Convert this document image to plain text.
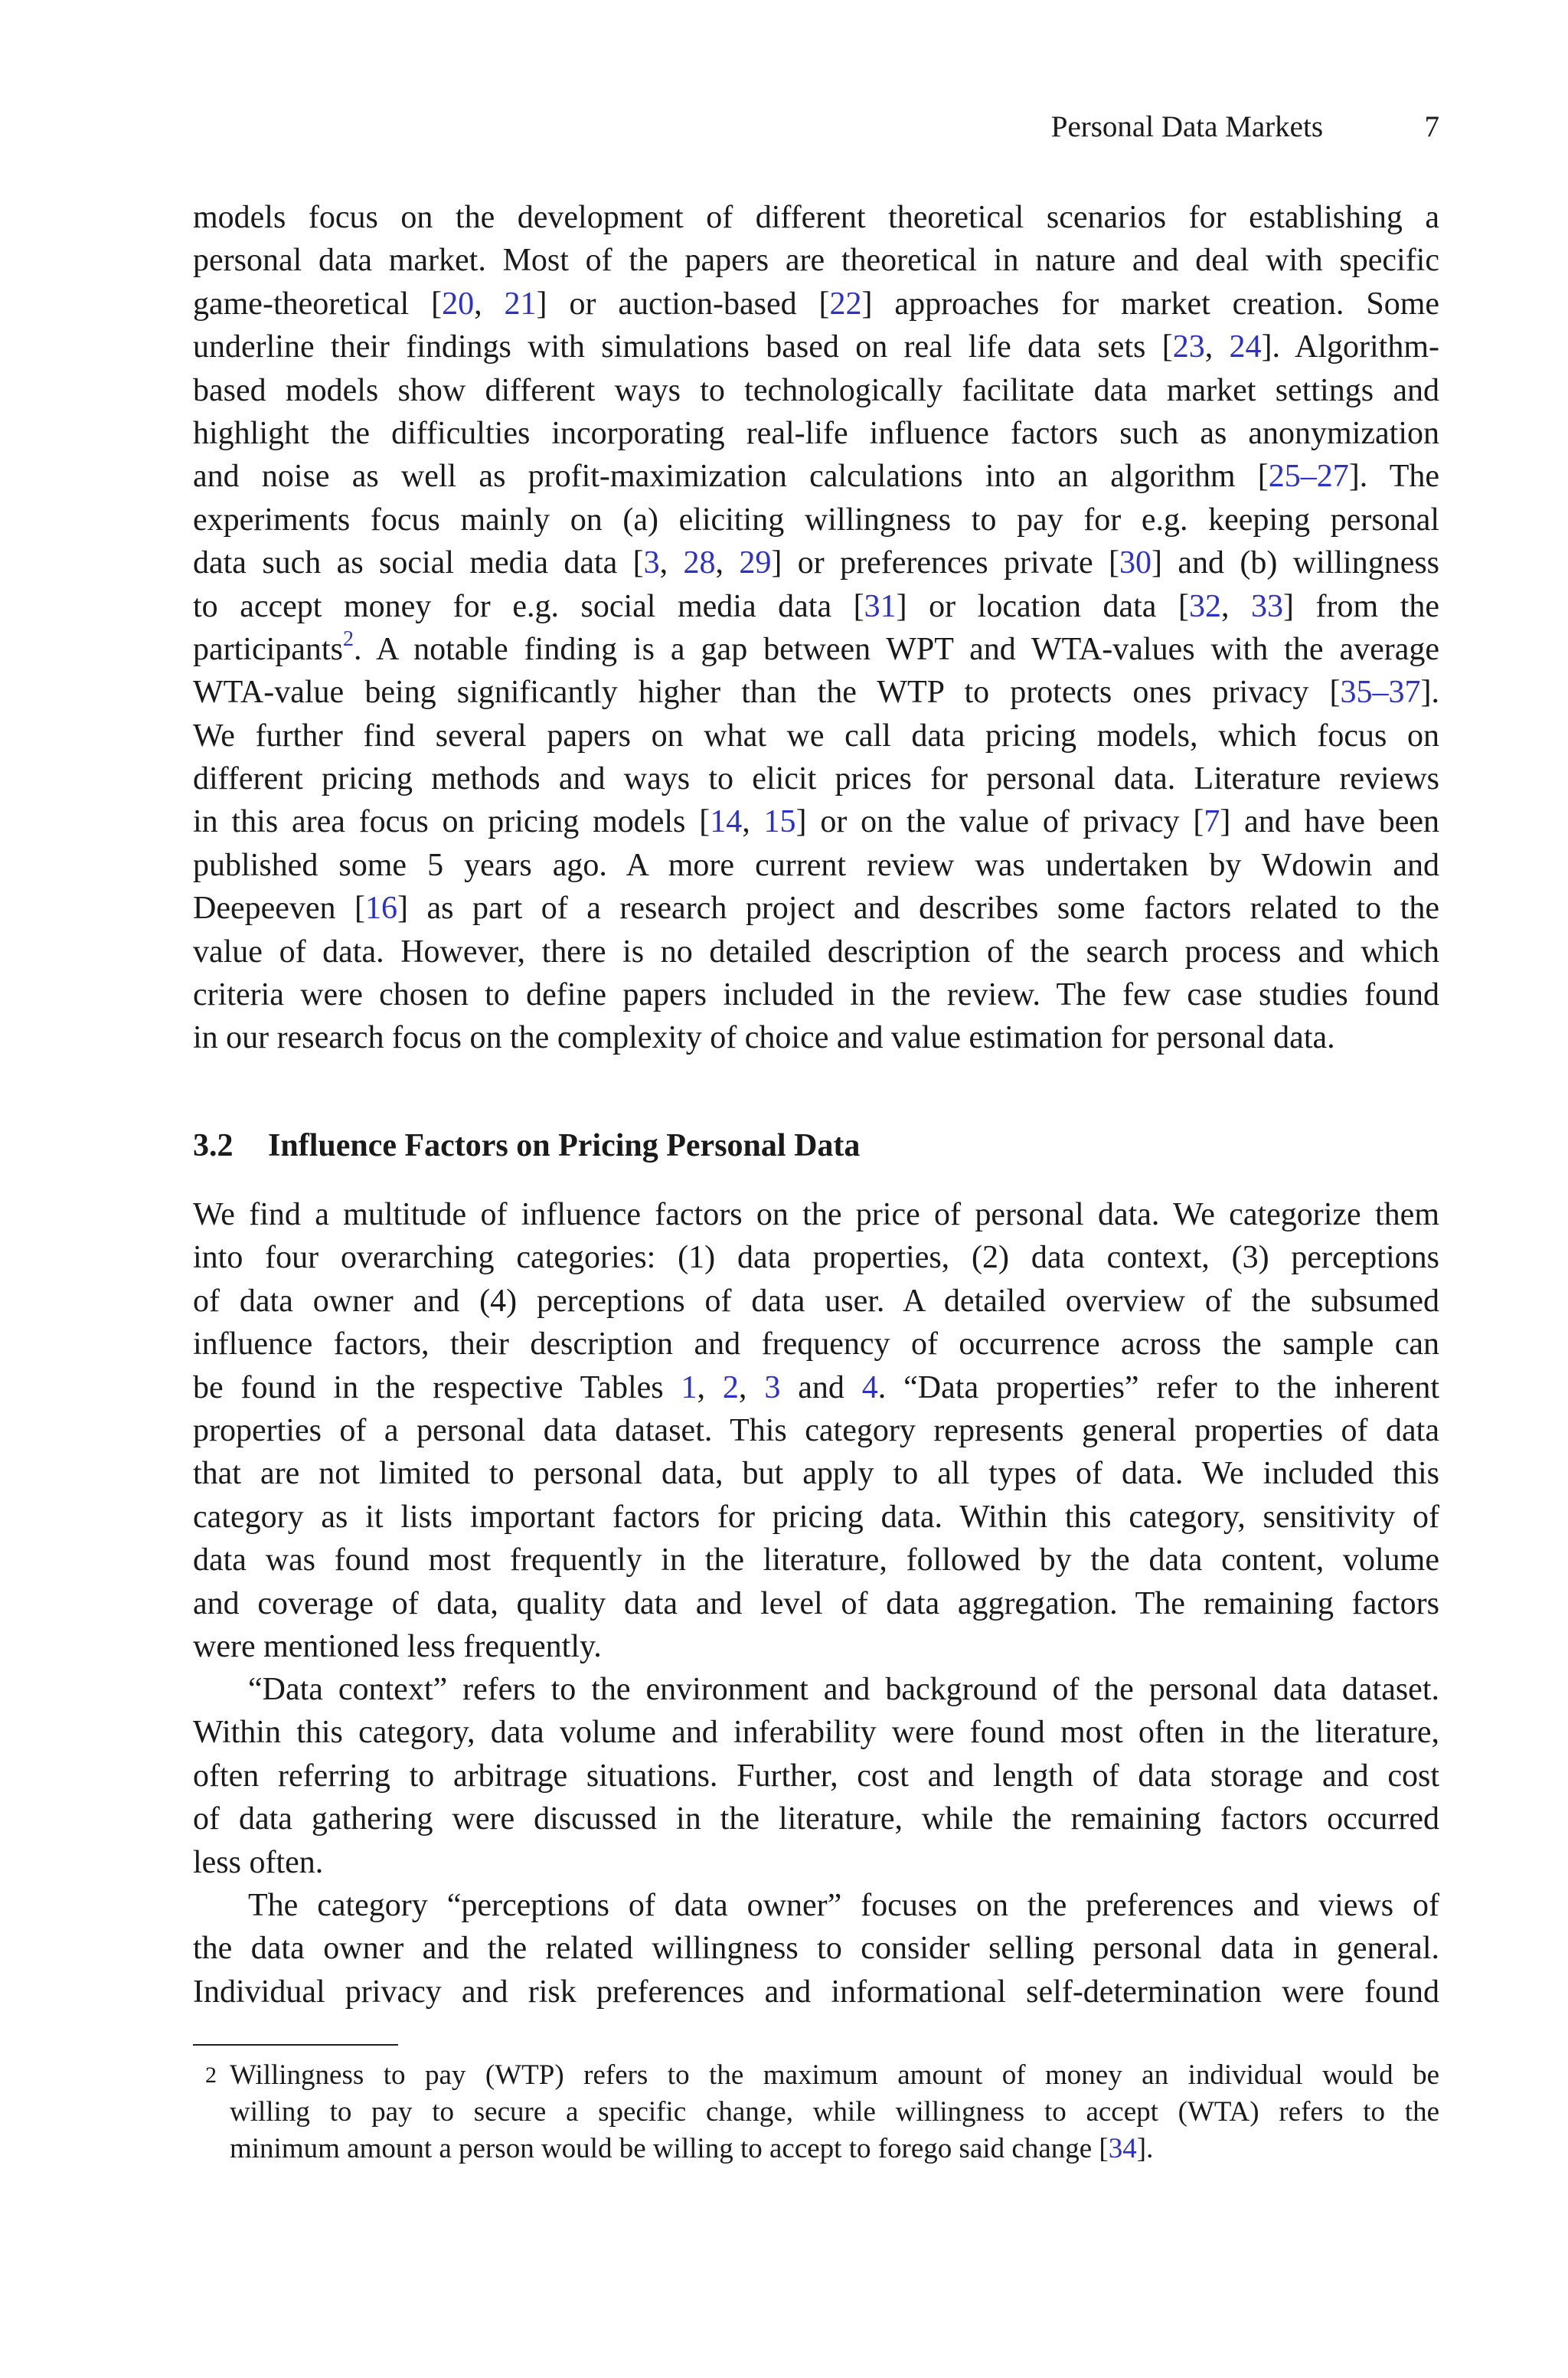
Personal Data Markets	7
models focus on the development of different theoretical scenarios for establishing a
personal data market. Most of the papers are theoretical in nature and deal with specific
game-theoretical [20, 21] or auction-based [22] approaches for market creation. Some
underline their findings with simulations based on real life data sets [23, 24]. Algorithm-
based models show different ways to technologically facilitate data market settings and
highlight the difficulties incorporating real-life influence factors such as anonymization
and noise as well as profit-maximization calculations into an algorithm [25–27]. The
experiments focus mainly on (a) eliciting willingness to pay for e.g. keeping personal
data such as social media data [3, 28, 29] or preferences private [30] and (b) willingness
to accept money for e.g. social media data [31] or location data [32, 33] from the
participants$^2$. A notable finding is a gap between WPT and WTA-values with the average
WTA-value being significantly higher than the WTP to protects ones privacy [35–37].
We further find several papers on what we call data pricing models, which focus on
different pricing methods and ways to elicit prices for personal data. Literature reviews
in this area focus on pricing models [14, 15] or on the value of privacy [7] and have been
published some 5 years ago. A more current review was undertaken by Wdowin and
Deepeeven [16] as part of a research project and describes some factors related to the
value of data. However, there is no detailed description of the search process and which
criteria were chosen to define papers included in the review. The few case studies found
in our research focus on the complexity of choice and value estimation for personal data.
3.2 Influence Factors on Pricing Personal Data
We find a multitude of influence factors on the price of personal data. We categorize them
into four overarching categories: (1) data properties, (2) data context, (3) perceptions
of data owner and (4) perceptions of data user. A detailed overview of the subsumed
influence factors, their description and frequency of occurrence across the sample can
be found in the respective Tables 1, 2, 3 and 4. “Data properties” refer to the inherent
properties of a personal data dataset. This category represents general properties of data
that are not limited to personal data, but apply to all types of data. We included this
category as it lists important factors for pricing data. Within this category, sensitivity of
data was found most frequently in the literature, followed by the data content, volume
and coverage of data, quality data and level of data aggregation. The remaining factors
were mentioned less frequently.
“Data context” refers to the environment and background of the personal data dataset.
Within this category, data volume and inferability were found most often in the literature,
often referring to arbitrage situations. Further, cost and length of data storage and cost
of data gathering were discussed in the literature, while the remaining factors occurred
less often.
The category “perceptions of data owner” focuses on the preferences and views of
the data owner and the related willingness to consider selling personal data in general.
Individual privacy and risk preferences and informational self-determination were found
2 Willingness to pay (WTP) refers to the maximum amount of money an individual would be
willing to pay to secure a specific change, while willingness to accept (WTA) refers to the
minimum amount a person would be willing to accept to forego said change [34].
